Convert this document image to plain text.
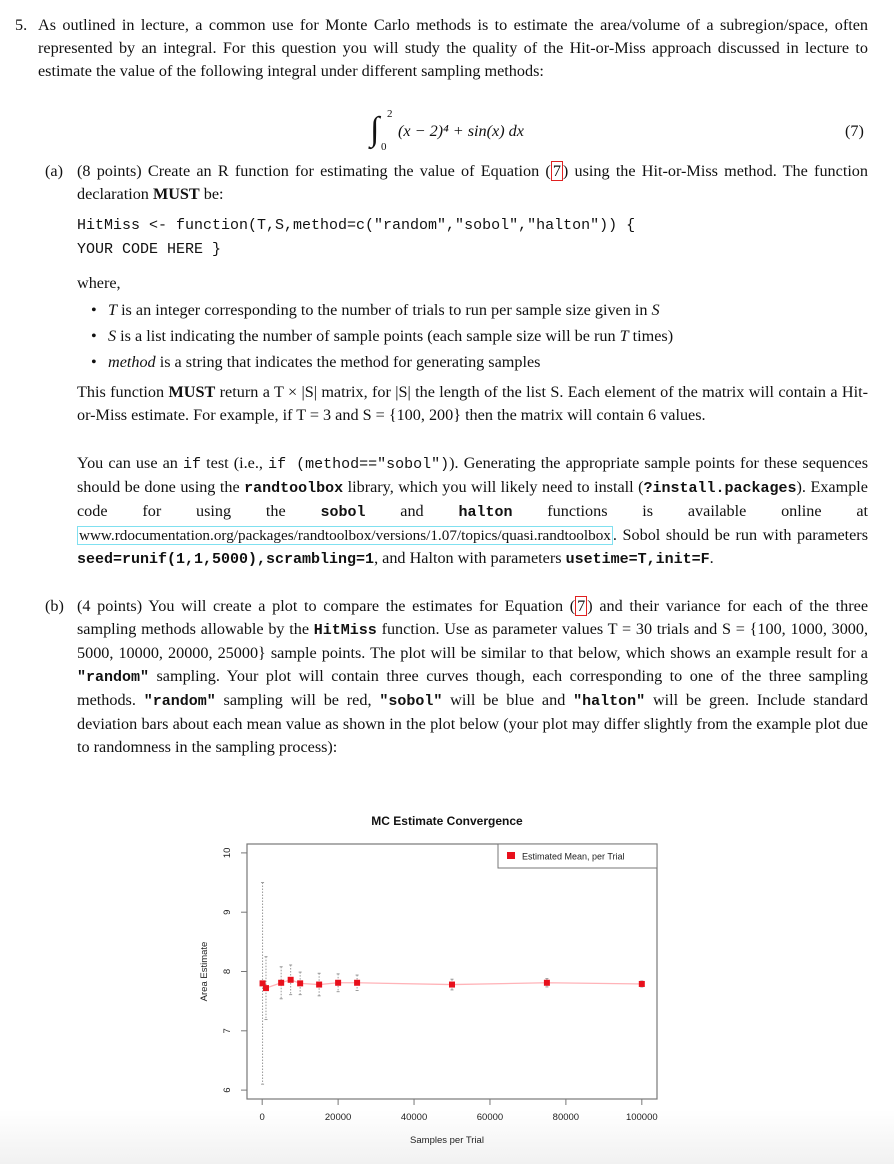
5. As outlined in lecture, a common use for Monte Carlo methods is to estimate the area/volume of a subregion/space, often represented by an integral. For this question you will study the quality of the Hit-or-Miss approach discussed in lecture to estimate the value of the following integral under different sampling methods:

∫ 2
0
(x − 2)⁴ + sin(x) dx	(7)
(a) (8 points) Create an R function for estimating the value of Equation ( 7 ) using the Hit-or-Miss method. The function declaration MUST be:

HitMiss <- function(T,S,method=c("random","sobol","halton")) {

YOUR CODE HERE }

where,

• T is an integer corresponding to the number of trials to run per sample size given in S
• S is a list indicating the number of sample points (each sample size will be run T times)
• method is a string that indicates the method for generating samples

This function MUST return a T × |S| matrix, for |S| the length of the list S. Each element of the matrix will contain a Hit-or-Miss estimate. For example, if T = 3 and S = {100, 200} then the matrix will contain 6 values.

You can use an if test (i.e., if (method=="sobol")). Generating the appropriate sample points for these sequences should be done using the randtoolbox library, which you will likely need to install (?install.packages). Example code for using the sobol and halton functions is available online at www.rdocumentation.org/packages/randtoolbox/versions/1.07/topics/quasi.randtoolbox . Sobol should be run with parameters seed=runif(1,1,5000),scrambling=1, and Halton with parameters usetime=T,init=F.

(b) (4 points) You will create a plot to compare the estimates for Equation ( 7 ) and their variance for each of the three sampling methods allowable by the HitMiss function. Use as parameter values T = 30 trials and S = {100, 1000, 3000, 5000, 10000, 20000, 25000} sample points. The plot will be similar to that below, which shows an example result for a "random" sampling. Your plot will contain three curves though, each corresponding to one of the three sampling methods. "random" sampling will be red, "sobol" will be blue and "halton" will be green. Include standard deviation bars about each mean value as shown in the plot below (your plot may differ slightly from the example plot due to randomness in the sampling process):

MC Estimate Convergence
0	20000	40000	60000	80000	100000
6
7
8
9
10
Samples per Trial
Area Estimate
Estimated Mean, per Trial
